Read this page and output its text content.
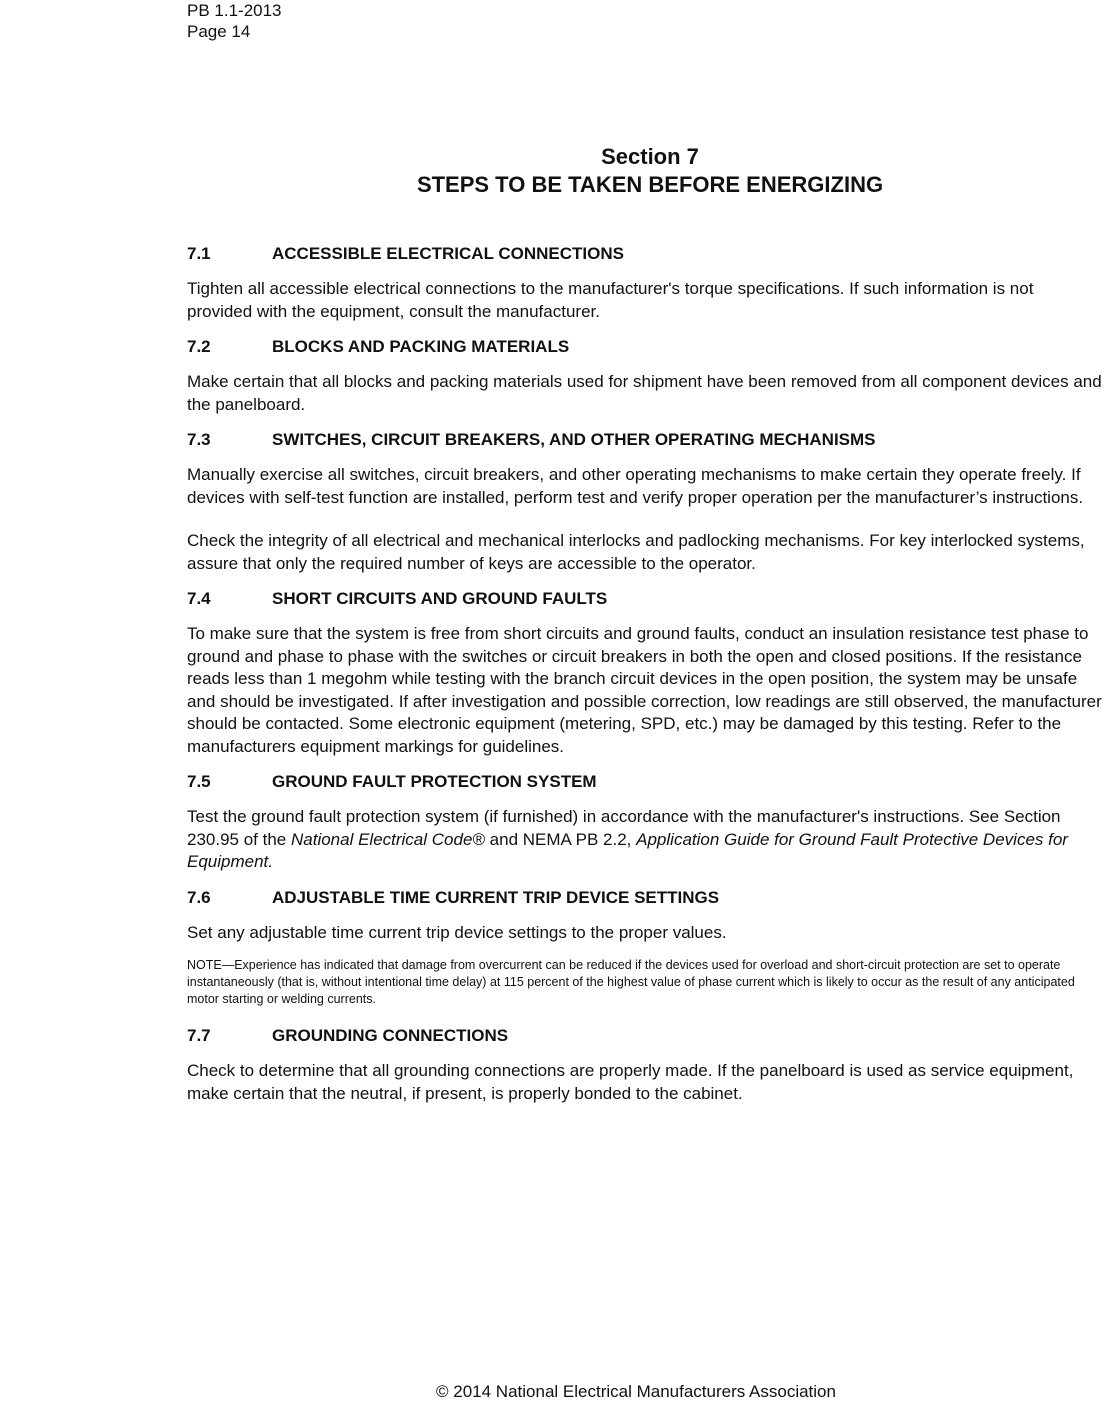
PB 1.1-2013
Page 14
Section 7
STEPS TO BE TAKEN BEFORE ENERGIZING
7.1	ACCESSIBLE ELECTRICAL CONNECTIONS

Tighten all accessible electrical connections to the manufacturer's torque specifications. If such information is not provided with the equipment, consult the manufacturer.

7.2	BLOCKS AND PACKING MATERIALS

Make certain that all blocks and packing materials used for shipment have been removed from all component devices and the panelboard.

7.3	SWITCHES, CIRCUIT BREAKERS, AND OTHER OPERATING MECHANISMS

Manually exercise all switches, circuit breakers, and other operating mechanisms to make certain they operate freely. If devices with self-test function are installed, perform test and verify proper operation per the manufacturer’s instructions.

Check the integrity of all electrical and mechanical interlocks and padlocking mechanisms. For key interlocked systems, assure that only the required number of keys are accessible to the operator.

7.4	SHORT CIRCUITS AND GROUND FAULTS

To make sure that the system is free from short circuits and ground faults, conduct an insulation resistance test phase to ground and phase to phase with the switches or circuit breakers in both the open and closed positions. If the resistance reads less than 1 megohm while testing with the branch circuit devices in the open position, the system may be unsafe and should be investigated. If after investigation and possible correction, low readings are still observed, the manufacturer should be contacted. Some electronic equipment (metering, SPD, etc.) may be damaged by this testing. Refer to the manufacturers equipment markings for guidelines.

7.5	GROUND FAULT PROTECTION SYSTEM

Test the ground fault protection system (if furnished) in accordance with the manufacturer's instructions. See Section 230.95 of the National Electrical Code® and NEMA PB 2.2, Application Guide for Ground Fault Protective Devices for Equipment.

7.6	ADJUSTABLE TIME CURRENT TRIP DEVICE SETTINGS

Set any adjustable time current trip device settings to the proper values.

NOTE—Experience has indicated that damage from overcurrent can be reduced if the devices used for overload and short-circuit protection are set to operate instantaneously (that is, without intentional time delay) at 115 percent of the highest value of phase current which is likely to occur as the result of any anticipated motor starting or welding currents.

7.7	GROUNDING CONNECTIONS

Check to determine that all grounding connections are properly made. If the panelboard is used as service equipment, make certain that the neutral, if present, is properly bonded to the cabinet.

© 2014 National Electrical Manufacturers Association
